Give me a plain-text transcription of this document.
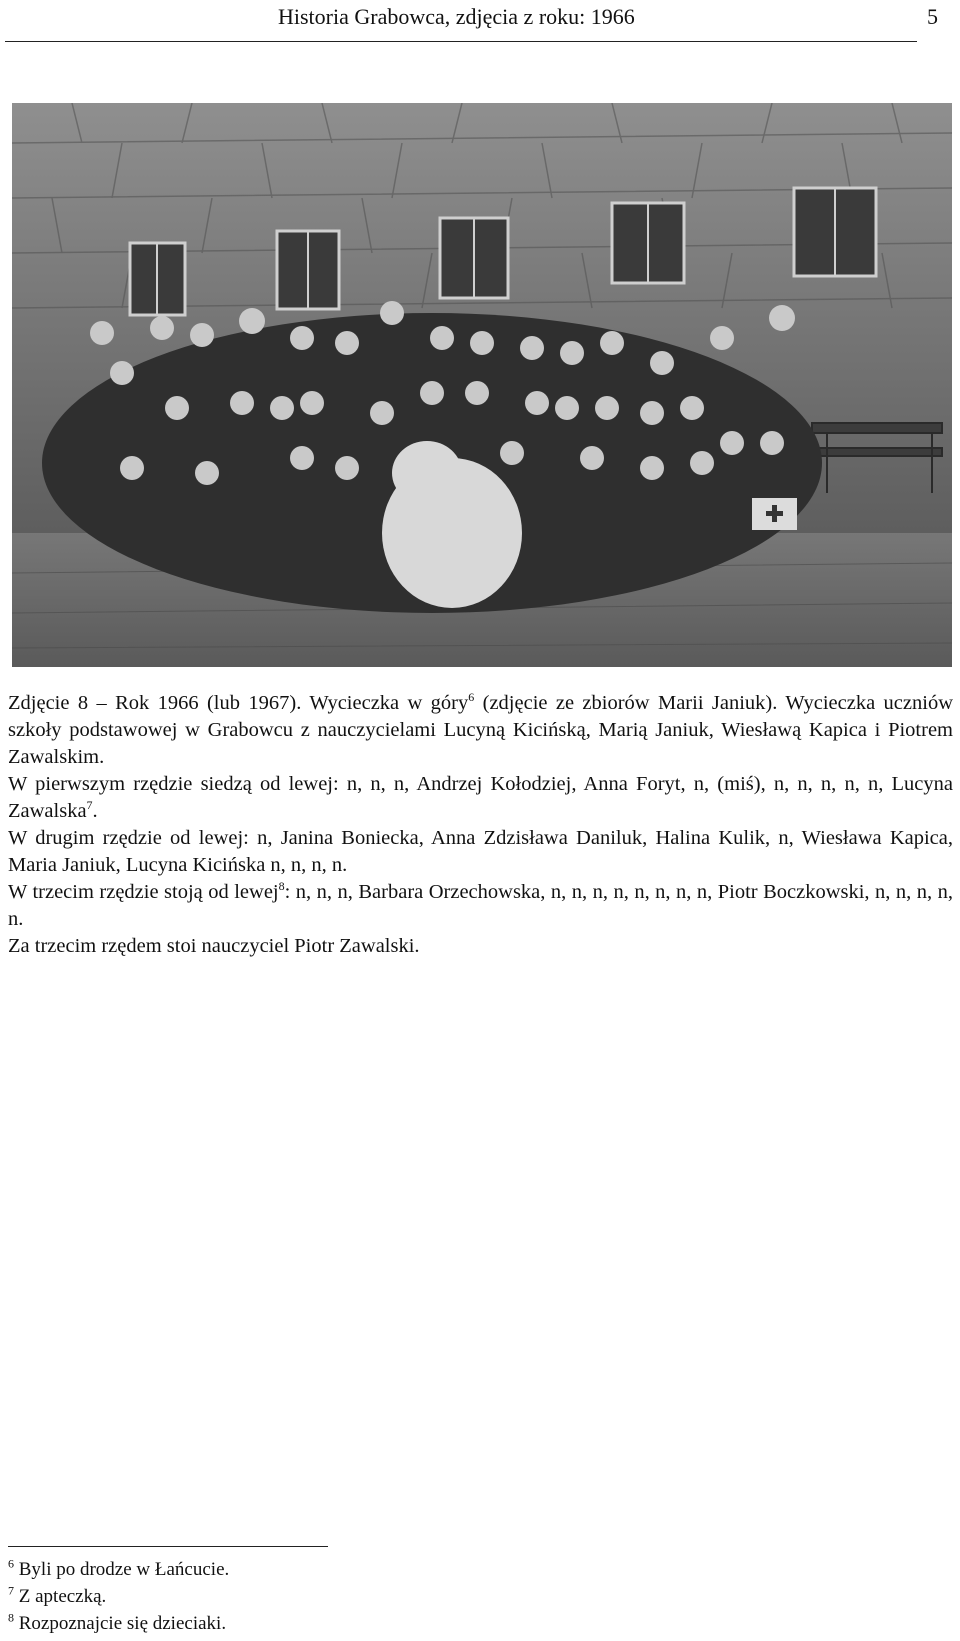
Historia Grabowca, zdjęcia z roku: 1966	5

Zdjęcie 8 – Rok 1966 (lub 1967). Wycieczka w góry$^6$ (zdjęcie ze zbiorów Marii Janiuk). Wycieczka uczniów szkoły podstawowej w Grabowcu z nauczycielami Lucyną Kicińską, Marią Janiuk, Wiesławą Kapica i Piotrem Zawalskim.

W pierwszym rzędzie siedzą od lewej: n, n, n, Andrzej Kołodziej, Anna Foryt, n, (miś), n, n, n, n, n, Lucyna Zawalska$^7$.

W drugim rzędzie od lewej: n, Janina Boniecka, Anna Zdzisława Daniluk, Halina Kulik, n, Wiesława Kapica, Maria Janiuk, Lucyna Kicińska n, n, n, n.

W trzecim rzędzie stoją od lewej$^8$: n, n, n, Barbara Orzechowska, n, n, n, n, n, n, n, n, Piotr Boczkowski, n, n, n, n, n.

Za trzecim rzędem stoi nauczyciel Piotr Zawalski.

$^6$ Byli po drodze w Łańcucie.
$^7$ Z apteczką.
$^8$ Rozpoznajcie się dzieciaki.
